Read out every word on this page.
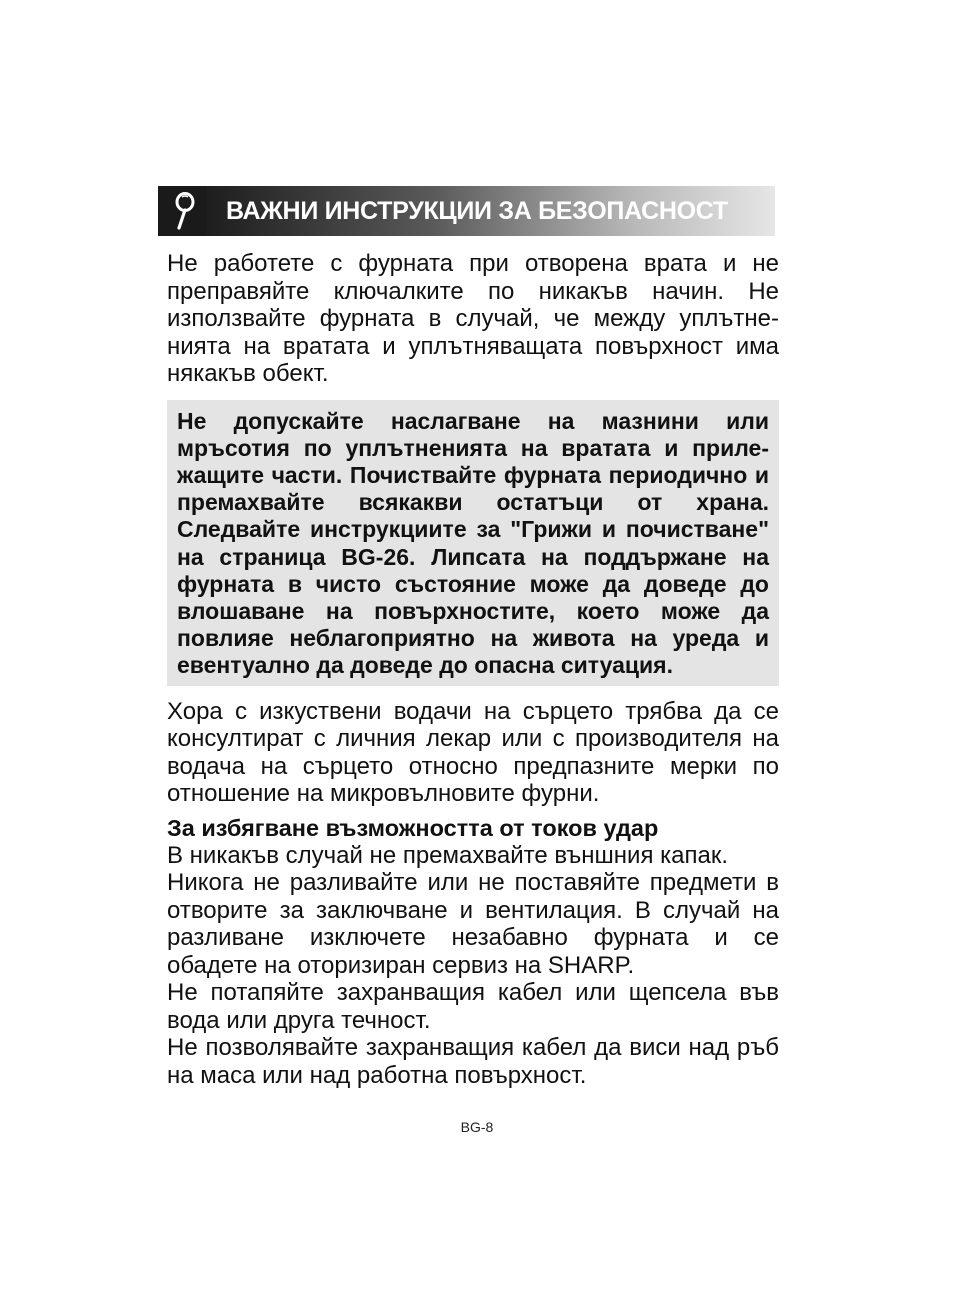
ВАЖНИ ИНСТРУКЦИИ ЗА БЕЗОПАСНОСТ

Не работете с фурната при отворена врата и не преправяйте ключалките по никакъв начин. Не използвайте фурната в случай, че между уплътненията на вратата и уплътняващата повърхност има някакъв обект.

Не допускайте наслагване на мазнини или мръсотия по уплътненията на вратата и прилежащите части. Почиствайте фурната периодично и премахвайте всякакви остатъци от храна. Следвайте инструкциите за "Грижи и почистване" на страница BG-26. Липсата на поддържане на фурната в чисто състояние може да доведе до влошаване на повърхностите, което може да повлияе неблагоприятно на живота на уреда и евентуално да доведе до опасна ситуация.

Хора с изкуствени водачи на сърцето трябва да се консултират с личния лекар или с производителя на водача на сърцето относно предпазните мерки по отношение на микровълновите фурни.

За избягване възможността от токов удар

В никакъв случай не премахвайте външния капак.

Никога не разливайте или не поставяйте предмети в отворите за заключване и вентилация. В случай на разливане изключете незабавно фурната и се обадете на оторизиран сервиз на SHARP.

Не потапяйте захранващия кабел или щепсела във вода или друга течност.

Не позволявайте захранващия кабел да виси над ръб на маса или над работна повърхност.

BG-8
